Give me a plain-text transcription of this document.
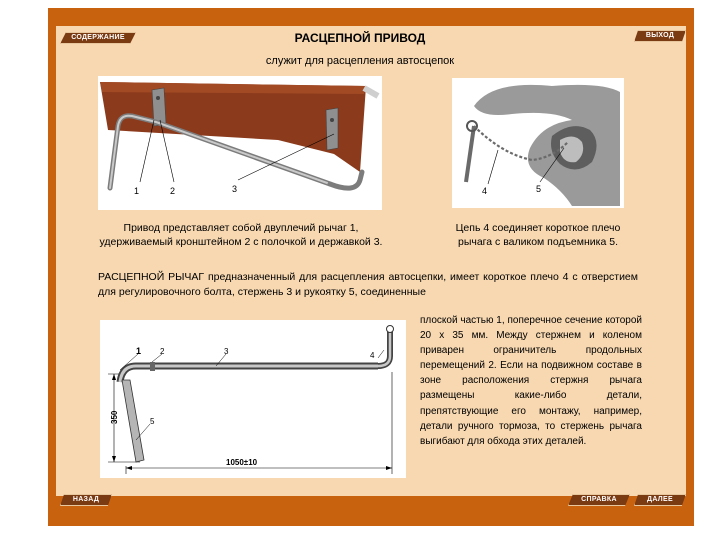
СОДЕРЖАНИЕ	ВЫХОД
НАЗАД	СПРАВКА	ДАЛЕЕ
РАСЦЕПНОЙ ПРИВОД
служит для расцепления автосцепок
1	2	3	4	5
Привод представляет собой двуплечий рычаг 1, удерживаемый кронштейном 2 с полочкой и державкой 3.
Цепь 4 соединяет короткое плечо рычага с валиком подъемника 5.
РАСЦЕПНОЙ РЫЧАГ предназначенный для расцепления автосцепки, имеет короткое плечо 4 с отверстием для регулировочного болта, стержень 3 и рукоятку 5, соединенные
350
1050±10
1 2	3	4
5
плоской частью 1, поперечное сечение которой 20 х 35 мм. Между стержнем и коленом приварен ограничитель продольных перемещений 2. Если на подвижном составе в зоне расположения стержня рычага размещены какие-либо детали, препятствующие его монтажу, например, детали ручного тормоза, то стержень рычага выгибают для обхода этих деталей.
